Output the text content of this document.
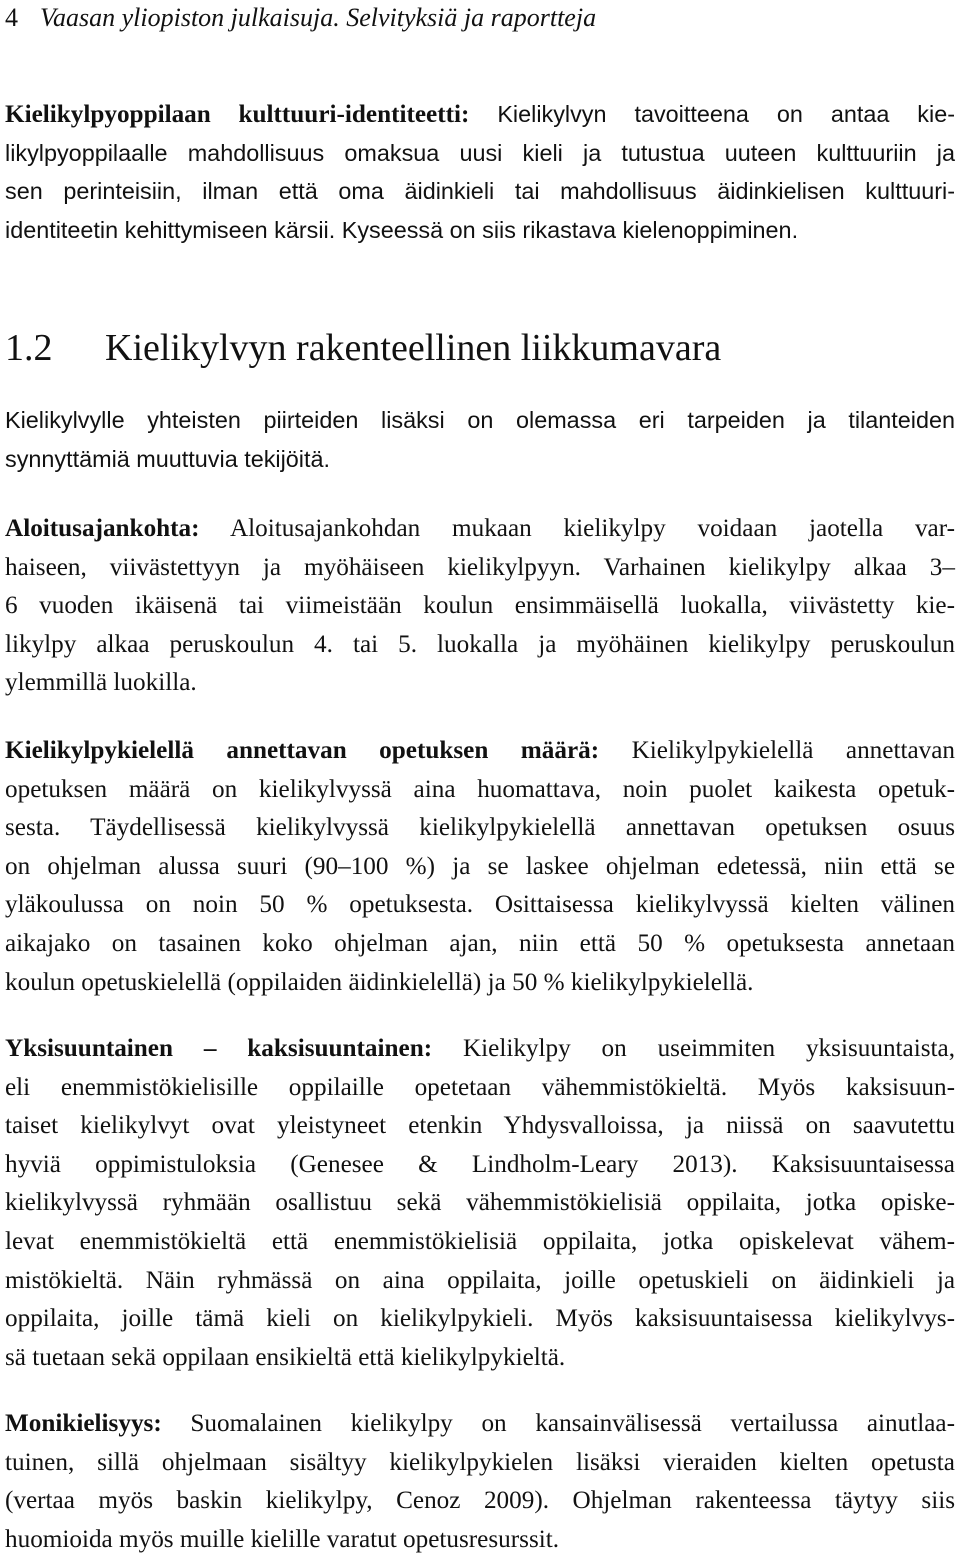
4 Vaasan yliopiston julkaisuja. Selvityksiä ja raportteja
Kielikylpyoppilaan kulttuuri-identiteetti: Kielikylvyn tavoitteena on antaa kie-
likylpyoppilaalle mahdollisuus omaksua uusi kieli ja tutustua uuteen kulttuuriin ja
sen perinteisiin, ilman että oma äidinkieli tai mahdollisuus äidinkielisen kulttuuri-
identiteetin kehittymiseen kärsii. Kyseessä on siis rikastava kielenoppiminen.
1.2 Kielikylvyn rakenteellinen liikkumavara
Kielikylvylle yhteisten piirteiden lisäksi on olemassa eri tarpeiden ja tilanteiden
synnyttämiä muuttuvia tekijöitä.
Aloitusajankohta: Aloitusajankohdan mukaan kielikylpy voidaan jaotella var-
haiseen, viivästettyyn ja myöhäiseen kielikylpyyn. Varhainen kielikylpy alkaa 3–
6 vuoden ikäisenä tai viimeistään koulun ensimmäisellä luokalla, viivästetty kie-
likylpy alkaa peruskoulun 4. tai 5. luokalla ja myöhäinen kielikylpy peruskoulun
ylemmillä luokilla.
Kielikylpykielellä annettavan opetuksen määrä: Kielikylpykielellä annettavan
opetuksen määrä on kielikylvyssä aina huomattava, noin puolet kaikesta opetuk-
sesta. Täydellisessä kielikylvyssä kielikylpykielellä annettavan opetuksen osuus
on ohjelman alussa suuri (90–100 %) ja se laskee ohjelman edetessä, niin että se
yläkoulussa on noin 50 % opetuksesta. Osittaisessa kielikylvyssä kielten välinen
aikajako on tasainen koko ohjelman ajan, niin että 50 % opetuksesta annetaan
koulun opetuskielellä (oppilaiden äidinkielellä) ja 50 % kielikylpykielellä.
Yksisuuntainen – kaksisuuntainen: Kielikylpy on useimmiten yksisuuntaista,
eli enemmistökielisille oppilaille opetetaan vähemmistökieltä. Myös kaksisuun-
taiset kielikylvyt ovat yleistyneet etenkin Yhdysvalloissa, ja niissä on saavutettu
hyviä oppimistuloksia (Genesee & Lindholm-Leary 2013). Kaksisuuntaisessa
kielikylvyssä ryhmään osallistuu sekä vähemmistökielisiä oppilaita, jotka opiske-
levat enemmistökieltä että enemmistökielisiä oppilaita, jotka opiskelevat vähem-
mistökieltä. Näin ryhmässä on aina oppilaita, joille opetuskieli on äidinkieli ja
oppilaita, joille tämä kieli on kielikylpykieli. Myös kaksisuuntaisessa kielikylvys-
sä tuetaan sekä oppilaan ensikieltä että kielikylpykieltä.
Monikielisyys: Suomalainen kielikylpy on kansainvälisessä vertailussa ainutlaa-
tuinen, sillä ohjelmaan sisältyy kielikylpykielen lisäksi vieraiden kielten opetusta
(vertaa myös baskin kielikylpy, Cenoz 2009). Ohjelman rakenteessa täytyy siis
huomioida myös muille kielille varatut opetusresurssit.
